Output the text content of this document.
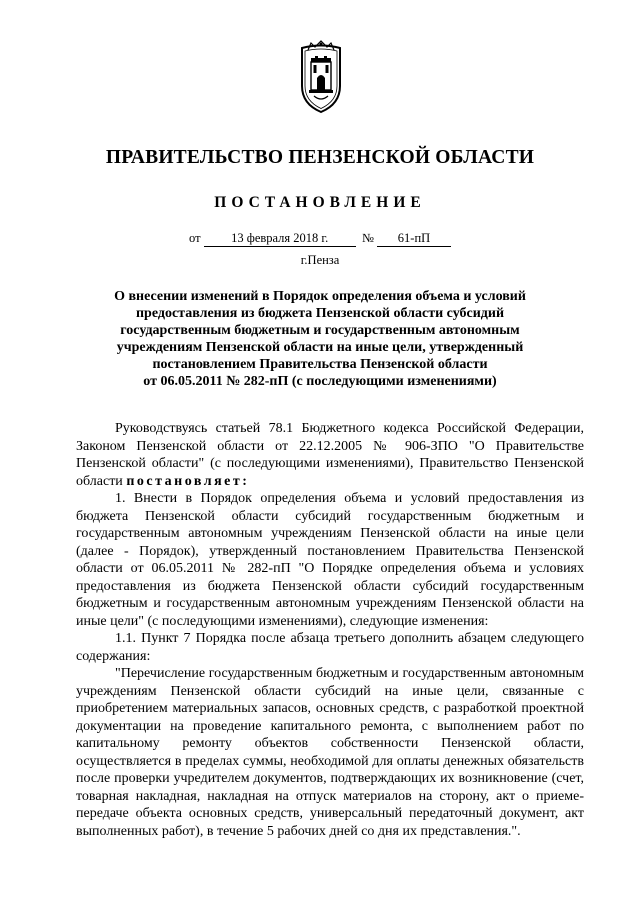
ПРАВИТЕЛЬСТВО ПЕНЗЕНСКОЙ ОБЛАСТИ
ПОСТАНОВЛЕНИЕ
от 13 февраля 2018 г.	№ 61-пП
г.Пенза
О внесении изменений в Порядок определения объема и условий
предоставления из бюджета Пензенской области субсидий
государственным бюджетным и государственным автономным
учреждениям Пензенской области на иные цели, утвержденный
постановлением Правительства Пензенской области
от 06.05.2011 № 282-пП (с последующими изменениями)

Руководствуясь статьей 78.1 Бюджетного кодекса Российской Федерации, Законом Пензенской области от 22.12.2005 № 906-ЗПО "О Правительстве Пензенской области" (с последующими изменениями), Правительство Пензенской области постановляет:

1. Внести в Порядок определения объема и условий предоставления из бюджета Пензенской области субсидий государственным бюджетным и государственным автономным учреждениям Пензенской области на иные цели (далее - Порядок), утвержденный постановлением Правительства Пензенской области от 06.05.2011 № 282-пП "О Порядке определения объема и условиях предоставления из бюджета Пензенской области субсидий государственным бюджетным и государственным автономным учреждениям Пензенской области на иные цели" (с последующими изменениями), следующие изменения:

1.1. Пункт 7 Порядка после абзаца третьего дополнить абзацем следующего содержания:

"Перечисление государственным бюджетным и государственным автономным учреждениям Пензенской области субсидий на иные цели, связанные с приобретением материальных запасов, основных средств, с разработкой проектной документации на проведение капитального ремонта, с выполнением работ по капитальному ремонту объектов собственности Пензенской области, осуществляется в пределах суммы, необходимой для оплаты денежных обязательств после проверки учредителем документов, подтверждающих их возникновение (счет, товарная накладная, накладная на отпуск материалов на сторону, акт о приеме-передаче объекта основных средств, универсальный передаточный документ, акт выполненных работ), в течение 5 рабочих дней со дня их представления.".
